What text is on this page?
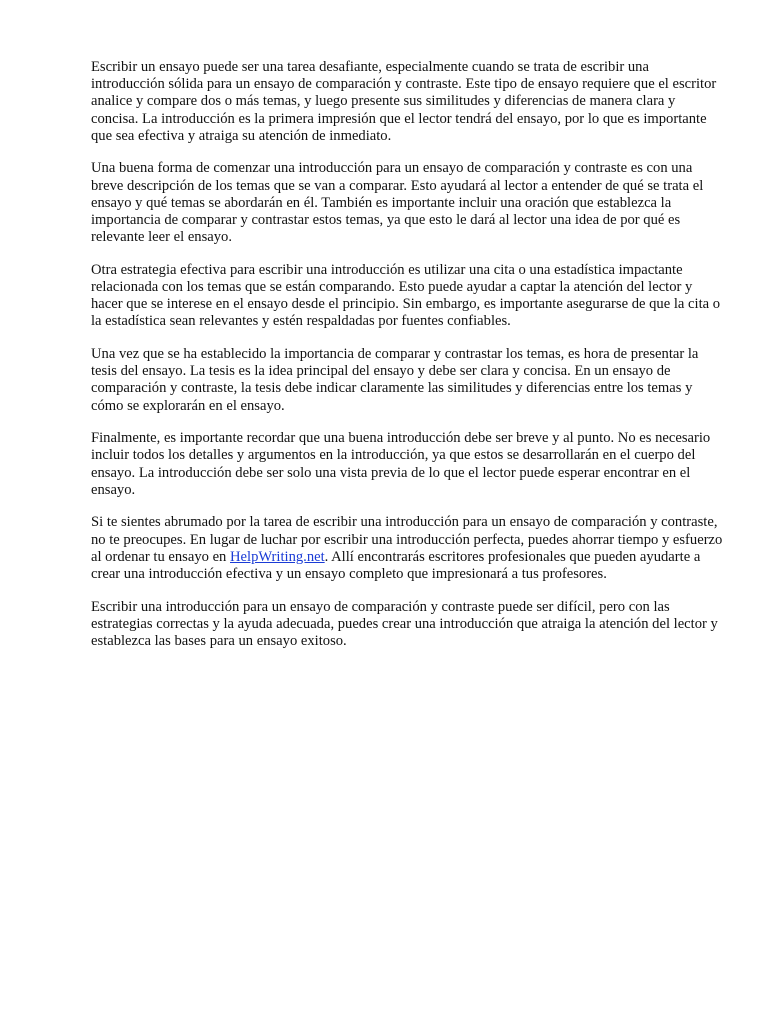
Escribir un ensayo puede ser una tarea desafiante, especialmente cuando se trata de escribir una introducción sólida para un ensayo de comparación y contraste. Este tipo de ensayo requiere que el escritor analice y compare dos o más temas, y luego presente sus similitudes y diferencias de manera clara y concisa. La introducción es la primera impresión que el lector tendrá del ensayo, por lo que es importante que sea efectiva y atraiga su atención de inmediato.

Una buena forma de comenzar una introducción para un ensayo de comparación y contraste es con una breve descripción de los temas que se van a comparar. Esto ayudará al lector a entender de qué se trata el ensayo y qué temas se abordarán en él. También es importante incluir una oración que establezca la importancia de comparar y contrastar estos temas, ya que esto le dará al lector una idea de por qué es relevante leer el ensayo.

Otra estrategia efectiva para escribir una introducción es utilizar una cita o una estadística impactante relacionada con los temas que se están comparando. Esto puede ayudar a captar la atención del lector y hacer que se interese en el ensayo desde el principio. Sin embargo, es importante asegurarse de que la cita o la estadística sean relevantes y estén respaldadas por fuentes confiables.

Una vez que se ha establecido la importancia de comparar y contrastar los temas, es hora de presentar la tesis del ensayo. La tesis es la idea principal del ensayo y debe ser clara y concisa. En un ensayo de comparación y contraste, la tesis debe indicar claramente las similitudes y diferencias entre los temas y cómo se explorarán en el ensayo.

Finalmente, es importante recordar que una buena introducción debe ser breve y al punto. No es necesario incluir todos los detalles y argumentos en la introducción, ya que estos se desarrollarán en el cuerpo del ensayo. La introducción debe ser solo una vista previa de lo que el lector puede esperar encontrar en el ensayo.

Si te sientes abrumado por la tarea de escribir una introducción para un ensayo de comparación y contraste, no te preocupes. En lugar de luchar por escribir una introducción perfecta, puedes ahorrar tiempo y esfuerzo al ordenar tu ensayo en HelpWriting.net. Allí encontrarás escritores profesionales que pueden ayudarte a crear una introducción efectiva y un ensayo completo que impresionará a tus profesores.

Escribir una introducción para un ensayo de comparación y contraste puede ser difícil, pero con las estrategias correctas y la ayuda adecuada, puedes crear una introducción que atraiga la atención del lector y establezca las bases para un ensayo exitoso.
